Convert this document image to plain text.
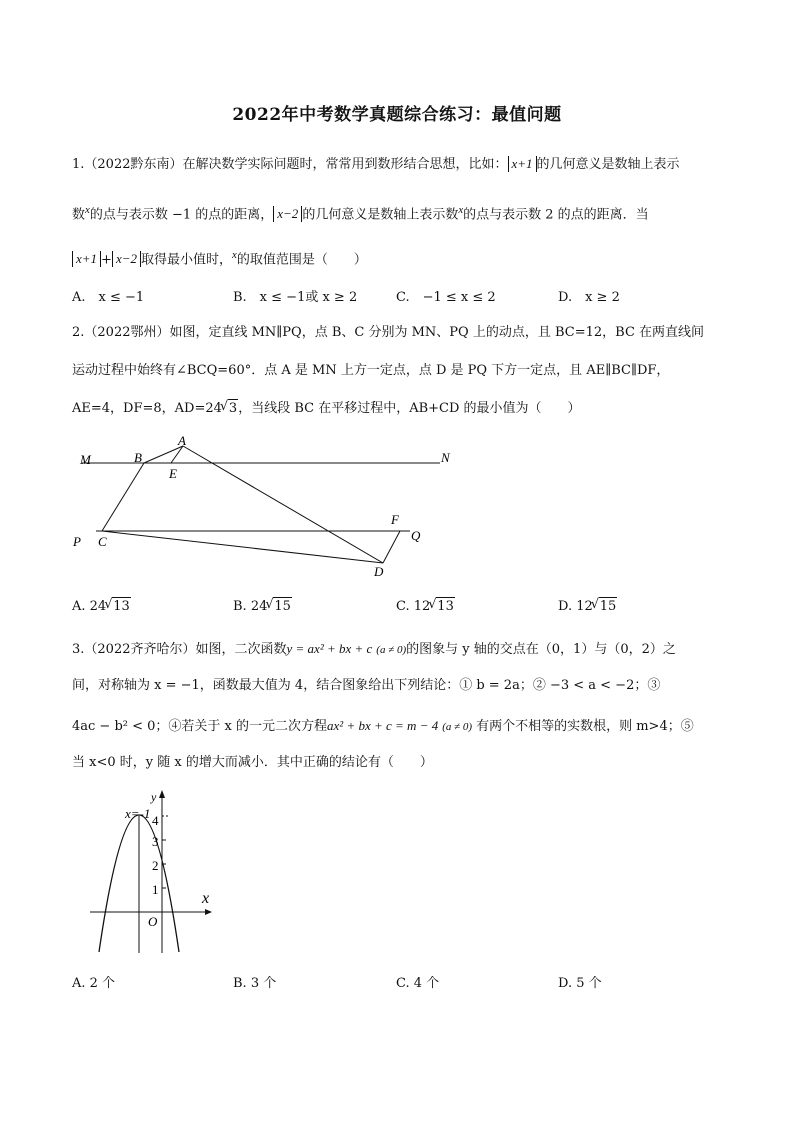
2022年中考数学真题综合练习：最值问题
1.（2022黔东南）在解决数学实际问题时，常常用到数形结合思想，比如： x+1 的几何意义是数轴上表示
数$^x$的点与表示数 −1 的点的距离， x−2 的几何意义是数轴上表示数$^x$的点与表示数 2 的点的距离．当
x+1 + x−2 取得最小值时，$^x$的取值范围是（　　）
A.　x ≤ −1	B.　x ≤ −1或 x ≥ 2	C.　−1 ≤ x ≤ 2	D.　x ≥ 2
2.（2022鄂州）如图，定直线 MN∥PQ，点 B、C 分别为 MN、PQ 上的动点，且 BC=12，BC 在两直线间
运动过程中始终有∠BCQ=60°．点 A 是 MN 上方一定点，点 D 是 PQ 下方一定点，且 AE∥BC∥DF，
AE=4，DF=8，AD=24 √ 3，当线段 BC 在平移过程中，AB+CD 的最小值为（　　）
M	N
B
A
E
P C
F
Q
D
A. 24 √ 13	B. 24 √ 15	C. 12 √ 13	D. 12 √ 15
3.（2022齐齐哈尔）如图，二次函数y = ax² + bx + c (a ≠ 0)的图象与 y 轴的交点在（0，1）与（0，2）之
间，对称轴为 x = −1，函数最大值为 4，结合图象给出下列结论：① b = 2a；② −3 < a < −2；③
4ac − b² < 0；④若关于 x 的一元二次方程ax² + bx + c = m − 4 (a ≠ 0) 有两个不相等的实数根，则 m>4；⑤
当 x<0 时，y 随 x 的增大而减小．其中正确的结论有（　　）
x
y
x=-1 4
3
2
1
O
A. 2 个	B. 3 个	C. 4 个	D. 5 个
